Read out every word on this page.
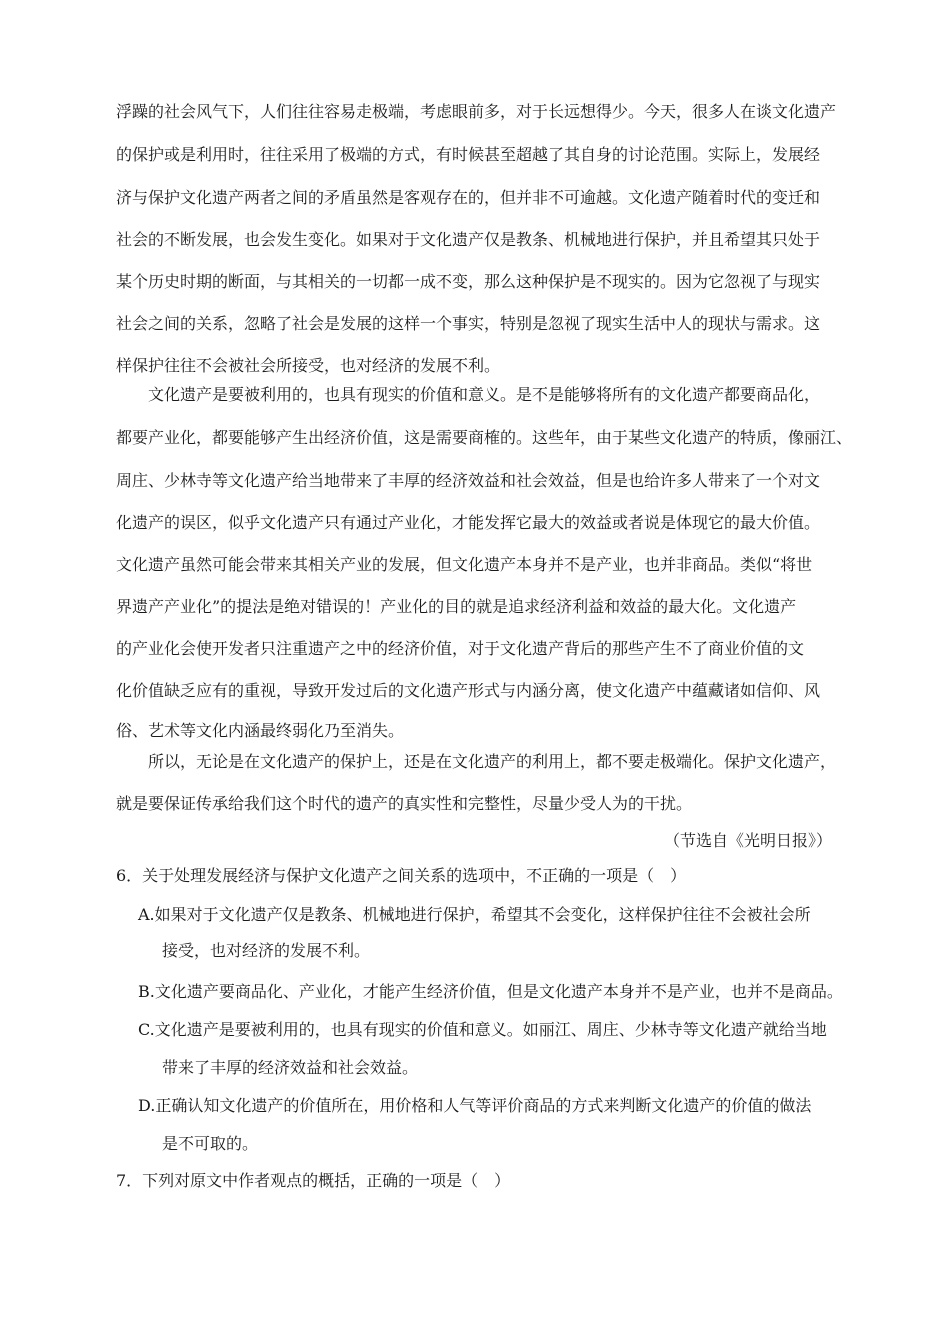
浮躁的社会风气下，人们往往容易走极端，考虑眼前多，对于长远想得少。今天，很多人在谈文化遗产
的保护或是利用时，往往采用了极端的方式，有时候甚至超越了其自身的讨论范围。实际上，发展经
济与保护文化遗产两者之间的矛盾虽然是客观存在的，但并非不可逾越。文化遗产随着时代的变迁和
社会的不断发展，也会发生变化。如果对于文化遗产仅是教条、机械地进行保护，并且希望其只处于
某个历史时期的断面，与其相关的一切都一成不变，那么这种保护是不现实的。因为它忽视了与现实
社会之间的关系，忽略了社会是发展的这样一个事实，特别是忽视了现实生活中人的现状与需求。这
样保护往往不会被社会所接受，也对经济的发展不利。
文化遗产是要被利用的，也具有现实的价值和意义。是不是能够将所有的文化遗产都要商品化，
都要产业化，都要能够产生出经济价值，这是需要商榷的。这些年，由于某些文化遗产的特质，像丽江、
周庄、少林寺等文化遗产给当地带来了丰厚的经济效益和社会效益，但是也给许多人带来了一个对文
化遗产的误区，似乎文化遗产只有通过产业化，才能发挥它最大的效益或者说是体现它的最大价值。
文化遗产虽然可能会带来其相关产业的发展，但文化遗产本身并不是产业，也并非商品。类似“将世
界遗产产业化”的提法是绝对错误的！产业化的目的就是追求经济利益和效益的最大化。文化遗产
的产业化会使开发者只注重遗产之中的经济价值，对于文化遗产背后的那些产生不了商业价值的文
化价值缺乏应有的重视，导致开发过后的文化遗产形式与内涵分离，使文化遗产中蕴藏诸如信仰、风
俗、艺术等文化内涵最终弱化乃至消失。
所以，无论是在文化遗产的保护上，还是在文化遗产的利用上，都不要走极端化。保护文化遗产，
就是要保证传承给我们这个时代的遗产的真实性和完整性，尽量少受人为的干扰。
（节选自《光明日报》）
6．关于处理发展经济与保护文化遗产之间关系的选项中，不正确的一项是（　）
A.如果对于文化遗产仅是教条、机械地进行保护，希望其不会变化，这样保护往往不会被社会所
接受，也对经济的发展不利。
B.文化遗产要商品化、产业化，才能产生经济价值，但是文化遗产本身并不是产业，也并不是商品。
C.文化遗产是要被利用的，也具有现实的价值和意义。如丽江、周庄、少林寺等文化遗产就给当地
带来了丰厚的经济效益和社会效益。
D.正确认知文化遗产的价值所在，用价格和人气等评价商品的方式来判断文化遗产的价值的做法
是不可取的。
7．下列对原文中作者观点的概括，正确的一项是（　）
